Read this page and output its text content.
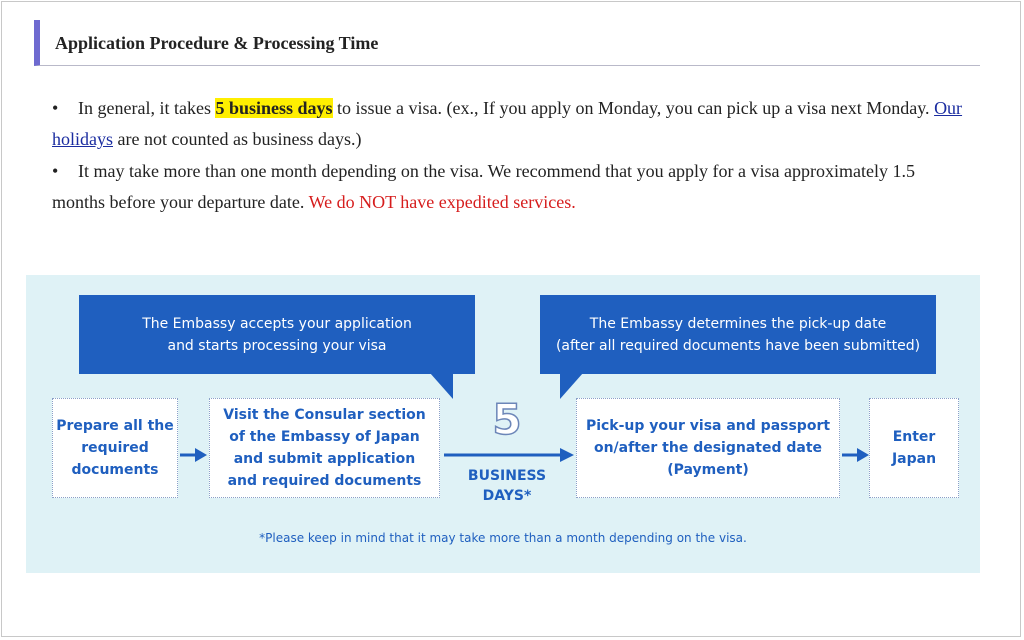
Application Procedure & Processing Time
• In general, it takes 5 business days to issue a visa. (ex., If you apply on Monday, you can pick up a visa next Monday. Our holidays are not counted as business days.)
• It may take more than one month depending on the visa. We recommend that you apply for a visa approximately 1.5 months before your departure date. We do NOT have expedited services.
The Embassy accepts your application
and starts processing your visa
The Embassy determines the pick-up date
(after all required documents have been submitted)
Prepare all the
required
documents
Visit the Consular section
of the Embassy of Japan
and submit application
and required documents
5
BUSINESS
DAYS*
Pick-up your visa and passport
on/after the designated date
(Payment)
Enter
Japan
*Please keep in mind that it may take more than a month depending on the visa.
